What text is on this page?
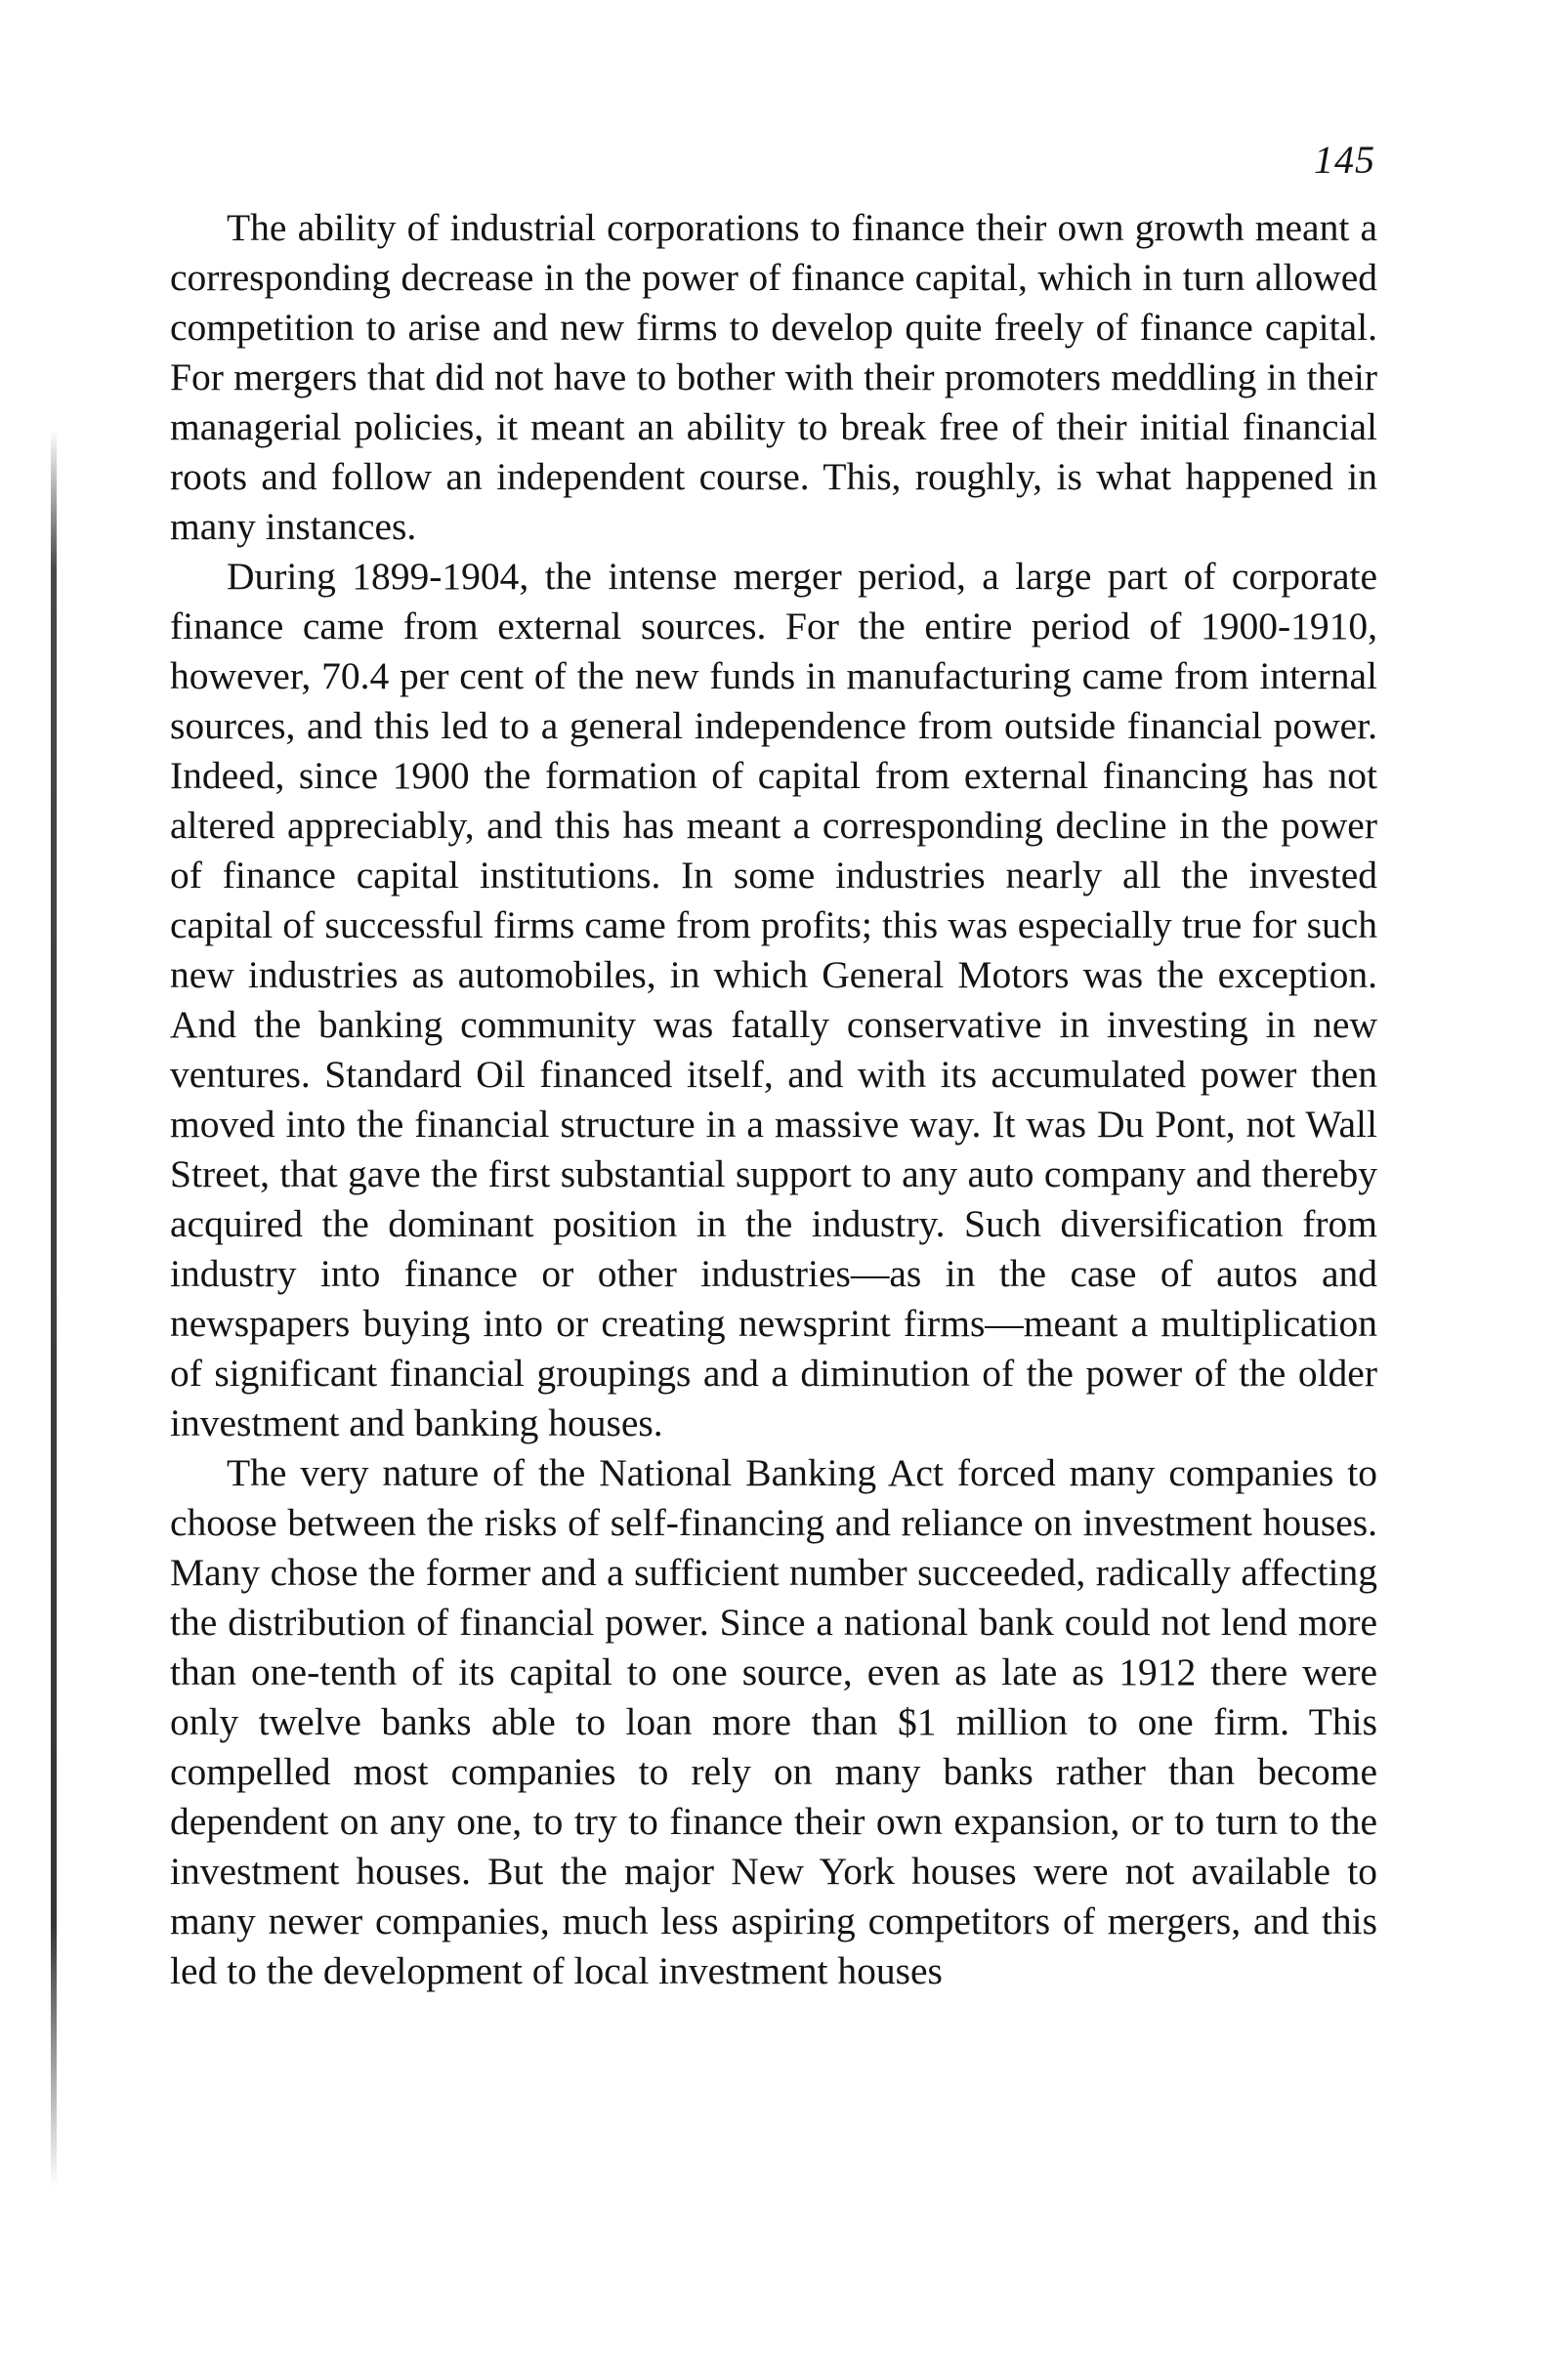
145

The ability of industrial corporations to finance their own growth meant a corresponding decrease in the power of finance capital, which in turn allowed competition to arise and new firms to develop quite freely of finance capital. For mergers that did not have to bother with their promoters meddling in their managerial policies, it meant an ability to break free of their initial financial roots and follow an independent course. This, roughly, is what happened in many instances.

During 1899-1904, the intense merger period, a large part of corporate finance came from external sources. For the entire period of 1900-1910, however, 70.4 per cent of the new funds in manufacturing came from internal sources, and this led to a general independence from outside financial power. Indeed, since 1900 the formation of capital from external financing has not altered appreciably, and this has meant a corresponding decline in the power of finance capital institutions. In some industries nearly all the invested capital of successful firms came from profits; this was especially true for such new industries as automobiles, in which General Motors was the exception. And the banking community was fatally conservative in investing in new ventures. Standard Oil financed itself, and with its accumulated power then moved into the financial structure in a massive way. It was Du Pont, not Wall Street, that gave the first substantial support to any auto company and thereby acquired the dominant position in the industry. Such diversification from industry into finance or other industries—as in the case of autos and newspapers buying into or creating newsprint firms—meant a multiplication of significant financial groupings and a diminution of the power of the older investment and banking houses.

The very nature of the National Banking Act forced many companies to choose between the risks of self-financing and reliance on investment houses. Many chose the former and a sufficient number succeeded, radically affecting the distribution of financial power. Since a national bank could not lend more than one-tenth of its capital to one source, even as late as 1912 there were only twelve banks able to loan more than $1 million to one firm. This compelled most companies to rely on many banks rather than become dependent on any one, to try to finance their own expansion, or to turn to the investment houses. But the major New York houses were not available to many newer companies, much less aspiring competitors of mergers, and this led to the development of local investment houses
